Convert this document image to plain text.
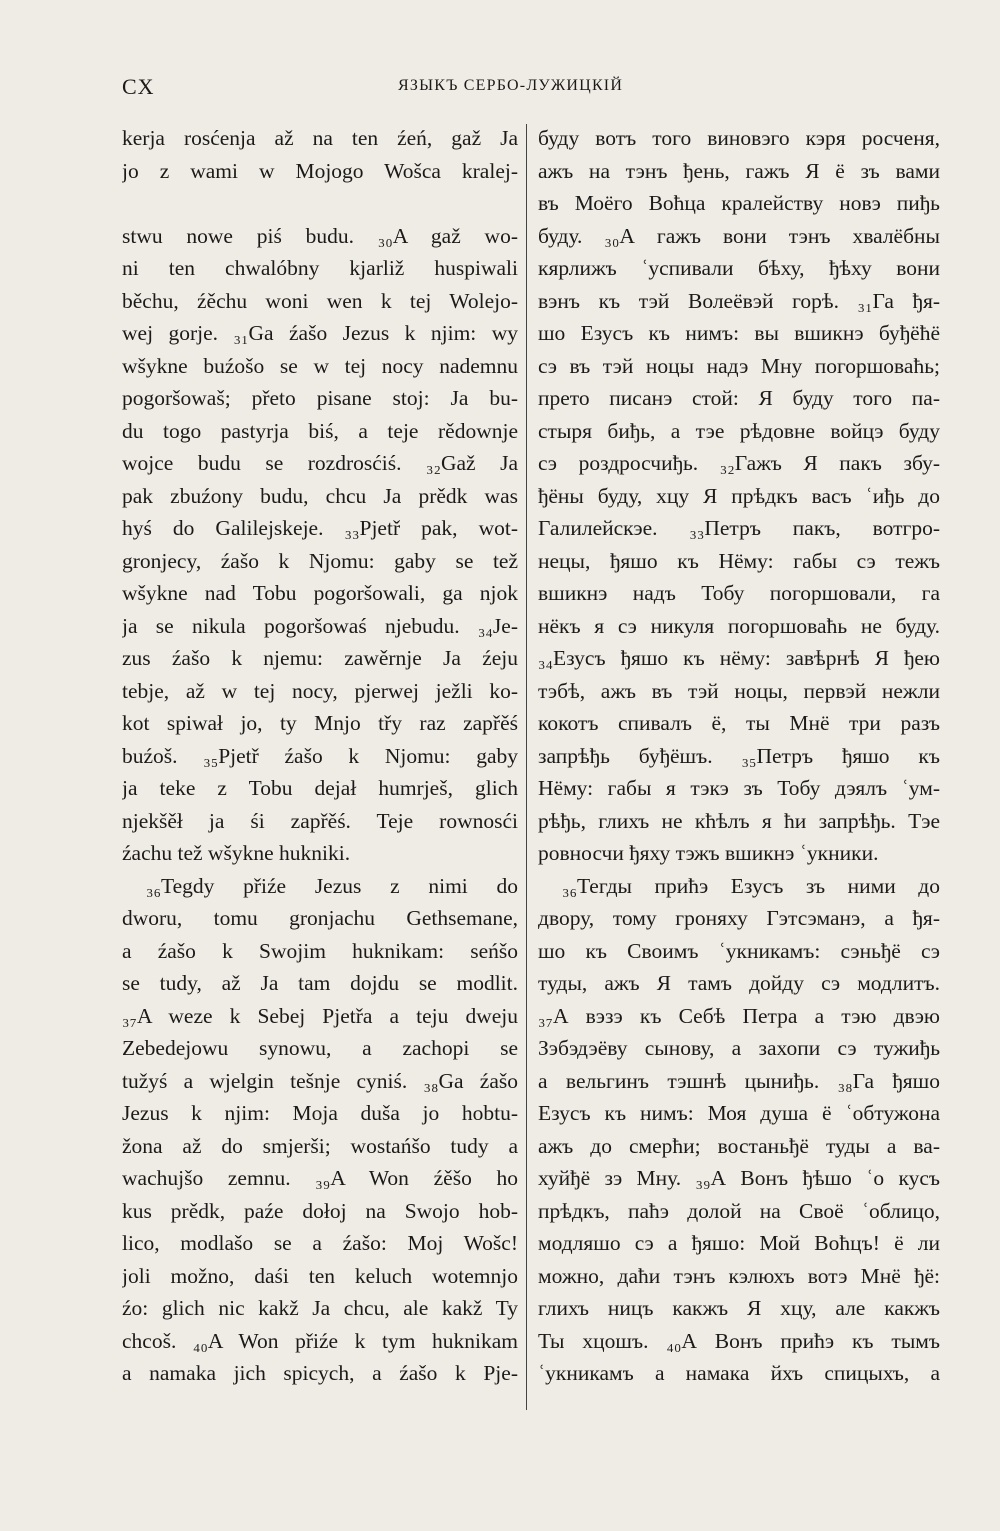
CX	ЯЗЫКЪ СЕРБО-ЛУЖИЦКІЙ
kerja rosćenja až na ten źeń, gaž Ja
jo z wami w Mojogo Wošca kralej-
stwu nowe piś budu. ₃₀A gaž wo-
ni ten chwalóbny kjarliž huspiwali
běchu, źěchu woni wen k tej Wolejo-
wej gorje. ₃₁Ga źašo Jezus k njim: wy
wšykne buźošo se w tej nocy nademnu
pogoršowaš; přeto pisane stoj: Ja bu-
du togo pastyrja biś, a teje rědownje
wojce budu se rozdrosćiś. ₃₂Gaž Ja
pak zbuźony budu, chcu Ja prědk was
hyś do Galilejskeje. ₃₃Pjetř pak, wot-
gronjecy, źašo k Njomu: gaby se tež
wšykne nad Tobu pogoršowali, ga njok
ja se nikula pogoršowaś njebudu. ₃₄Je-
zus źašo k njemu: zawěrnje Ja źeju
tebje, až w tej nocy, pjerwej ježli ko-
kot spiwał jo, ty Mnjo třy raz zapřěś
buźoš. ₃₅Pjetř źašo k Njomu: gaby
ja teke z Tobu dejał humrješ, glich
njekšěł ja śi zapřěś. Teje rownosći
źachu tež wšykne hukniki.
₃₆Tegdy přiźe Jezus z nimi do
dworu, tomu gronjachu Gethsemane,
a źašo k Swojim huknikam: seńšo
se tudy, až Ja tam dojdu se modlit.
₃₇A weze k Sebej Pjetřa a teju dweju
Zebedejowu synowu, a zachopi se
tužyś a wjelgin tešnje cyniś. ₃₈Ga źašo
Jezus k njim: Moja duša jo hobtu-
žona až do smjerši; wostańšo tudy a
wachujšo zemnu. ₃₉A Won źěšo ho
kus prědk, paźe dołoj na Swojo hob-
lico, modlašo se a źašo: Moj Wošc!
joli možno, daśi ten keluch wotemnjo
źo: glich nic kakž Ja chcu, ale kakž Ty
chcoš. ₄₀A Won přiźe k tym huknikam
a namaka jich spicych, a źašo k Pje-
буду вотъ того виновэго кэря росченя,
ажъ на тэнъ ђень, гажъ Я ё зъ вами
въ Моёго Воћца кралейству новэ пиђь
буду. ₃₀А гажъ вони тэнъ хвалёбны
кярлижъ ʿуспивали бѣху, ђѣху вони
вэнъ къ тэй Волеёвэй горѣ. ₃₁Га ђя-
шо Езусъ къ нимъ: вы вшикнэ буђёћё
сэ въ тэй ноцы надэ Мну погоршоваћь;
прето писанэ стой: Я буду того па-
стыря биђь, а тэе рѣдовне войцэ буду
сэ роздросчиђь. ₃₂Гажъ Я пакъ збу-
ђёны буду, хцу Я прѣдкъ васъ ʿиђь до
Галилейскэе. ₃₃Петръ пакъ, вотгро-
нецы, ђяшо къ Нёму: габы сэ тежъ
вшикнэ надъ Тобу погоршовали, га
нёкъ я сэ никуля погоршоваћь не буду.
₃₄Езусъ ђяшо къ нёму: завѣрнѣ Я ђею
тэбѣ, ажъ въ тэй ноцы, первэй нежли
кокотъ спивалъ ё, ты Мнё три разъ
запрѣђь буђёшъ. ₃₅Петръ ђяшо къ
Нёму: габы я тэкэ зъ Тобу дэялъ ʿум-
рѣђь, глихъ не кћѣлъ я ћи запрѣђь. Тэе
ровносчи ђяху тэжъ вшикнэ ʿукники.
₃₆Тегды прићэ Езусъ зъ ними до
двору, тому гроняху Гэтсэманэ, а ђя-
шо къ Своимъ ʿукникамъ: сэньђё сэ
туды, ажъ Я тамъ дойду сэ модлитъ.
₃₇А вэзэ къ Себѣ Петра а тэю двэю
Зэбэдэёву сынову, а захопи сэ тужиђь
а вельгинъ тэшнѣ цыниђь. ₃₈Га ђяшо
Езусъ къ нимъ: Моя душа ё ʿобтужона
ажъ до смерћи; востаньђё туды а ва-
хуйђё зэ Мну. ₃₉А Вонъ ђѣшо ʿо кусъ
прѣдкъ, паћэ долой на Своё ʿоблицо,
модляшо сэ а ђяшо: Мой Воћцъ! ё ли
можно, даћи тэнъ кэлюхъ вотэ Мнё ђё:
глихъ ницъ какжъ Я хцу, але какжъ
Ты хцошъ. ₄₀А Вонъ прићэ къ тымъ
ʿукникамъ а намака йхъ спицыхъ, а
